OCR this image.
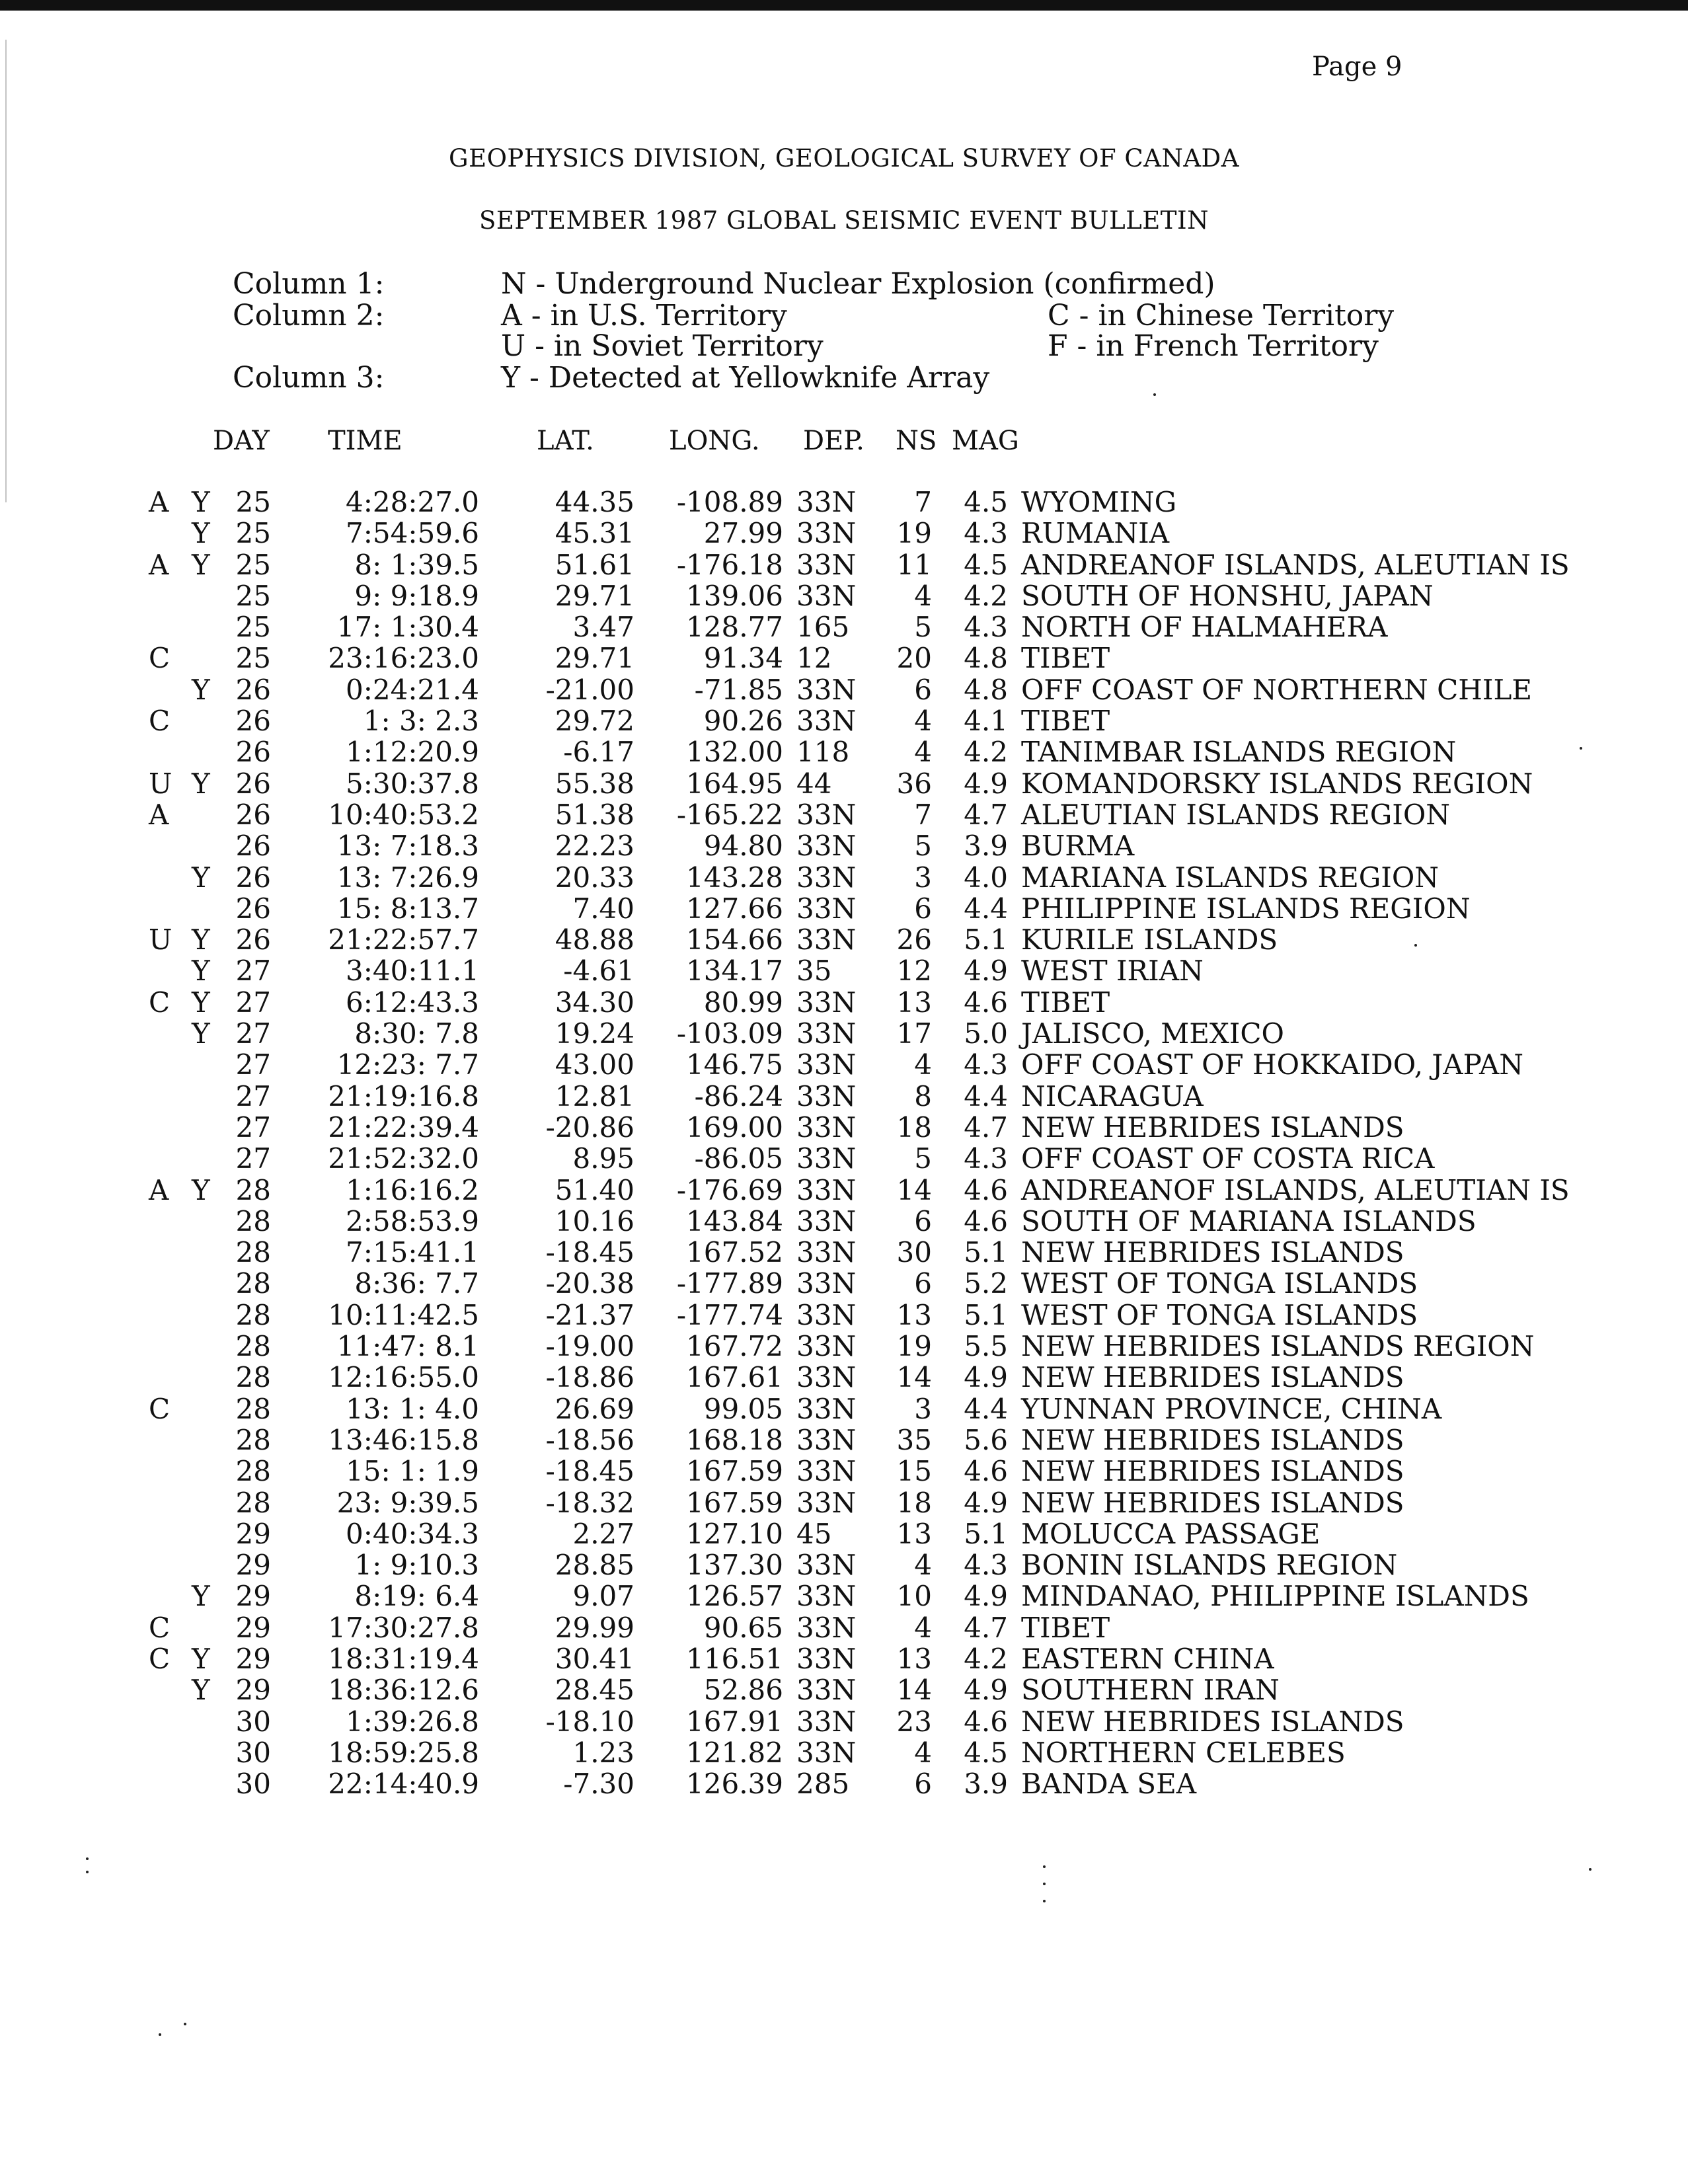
Page 9
GEOPHYSICS DIVISION, GEOLOGICAL SURVEY OF CANADA
SEPTEMBER 1987 GLOBAL SEISMIC EVENT BULLETIN
Column 1:	N - Underground Nuclear Explosion (confirmed)
Column 2:	A - in U.S. Territory	C - in Chinese Territory
U - in Soviet Territory	F - in French Territory
Column 3:	Y - Detected at Yellowknife Array
DAY TIME	LAT.	LONG. DEP. NS MAG
A Y 25	4:28:27.0	44.35	-108.89 33N	7	4.5 WYOMING
Y 25	7:54:59.6	45.31	27.99 33N	19	4.3 RUMANIA
A Y 25	8: 1:39.5	51.61	-176.18 33N	11	4.5 ANDREANOF ISLANDS, ALEUTIAN IS
25	9: 9:18.9	29.71	139.06 33N	4	4.2 SOUTH OF HONSHU, JAPAN
25	17: 1:30.4	3.47	128.77 165	5	4.3 NORTH OF HALMAHERA
C	25	23:16:23.0	29.71	91.34 12	20	4.8 TIBET
Y 26	0:24:21.4	-21.00	-71.85 33N	6	4.8 OFF COAST OF NORTHERN CHILE
C	26	1: 3: 2.3	29.72	90.26 33N	4	4.1 TIBET
26	1:12:20.9	-6.17	132.00 118	4	4.2 TANIMBAR ISLANDS REGION
U Y 26	5:30:37.8	55.38	164.95 44	36	4.9 KOMANDORSKY ISLANDS REGION
A	26	10:40:53.2	51.38	-165.22 33N	7	4.7 ALEUTIAN ISLANDS REGION
26	13: 7:18.3	22.23	94.80 33N	5	3.9 BURMA
Y 26	13: 7:26.9	20.33	143.28 33N	3	4.0 MARIANA ISLANDS REGION
26	15: 8:13.7	7.40	127.66 33N	6	4.4 PHILIPPINE ISLANDS REGION
U Y 26	21:22:57.7	48.88	154.66 33N	26	5.1 KURILE ISLANDS
Y 27	3:40:11.1	-4.61	134.17 35	12	4.9 WEST IRIAN
C Y 27	6:12:43.3	34.30	80.99 33N	13	4.6 TIBET
Y 27	8:30: 7.8	19.24	-103.09 33N	17	5.0 JALISCO, MEXICO
27	12:23: 7.7	43.00	146.75 33N	4	4.3 OFF COAST OF HOKKAIDO, JAPAN
27	21:19:16.8	12.81	-86.24 33N	8	4.4 NICARAGUA
27	21:22:39.4	-20.86	169.00 33N	18	4.7 NEW HEBRIDES ISLANDS
27	21:52:32.0	8.95	-86.05 33N	5	4.3 OFF COAST OF COSTA RICA
A Y 28	1:16:16.2	51.40	-176.69 33N	14	4.6 ANDREANOF ISLANDS, ALEUTIAN IS
28	2:58:53.9	10.16	143.84 33N	6	4.6 SOUTH OF MARIANA ISLANDS
28	7:15:41.1	-18.45	167.52 33N	30	5.1 NEW HEBRIDES ISLANDS
28	8:36: 7.7	-20.38	-177.89 33N	6	5.2 WEST OF TONGA ISLANDS
28	10:11:42.5	-21.37	-177.74 33N	13	5.1 WEST OF TONGA ISLANDS
28	11:47: 8.1	-19.00	167.72 33N	19	5.5 NEW HEBRIDES ISLANDS REGION
28	12:16:55.0	-18.86	167.61 33N	14	4.9 NEW HEBRIDES ISLANDS
C	28	13: 1: 4.0	26.69	99.05 33N	3	4.4 YUNNAN PROVINCE, CHINA
28	13:46:15.8	-18.56	168.18 33N	35	5.6 NEW HEBRIDES ISLANDS
28	15: 1: 1.9	-18.45	167.59 33N	15	4.6 NEW HEBRIDES ISLANDS
28	23: 9:39.5	-18.32	167.59 33N	18	4.9 NEW HEBRIDES ISLANDS
29	0:40:34.3	2.27	127.10 45	13	5.1 MOLUCCA PASSAGE
29	1: 9:10.3	28.85	137.30 33N	4	4.3 BONIN ISLANDS REGION
Y 29	8:19: 6.4	9.07	126.57 33N	10	4.9 MINDANAO, PHILIPPINE ISLANDS
C	29	17:30:27.8	29.99	90.65 33N	4	4.7 TIBET
C Y 29	18:31:19.4	30.41	116.51 33N	13	4.2 EASTERN CHINA
Y 29	18:36:12.6	28.45	52.86 33N	14	4.9 SOUTHERN IRAN
30	1:39:26.8	-18.10	167.91 33N	23	4.6 NEW HEBRIDES ISLANDS
30	18:59:25.8	1.23	121.82 33N	4	4.5 NORTHERN CELEBES
30	22:14:40.9	-7.30	126.39 285	6	3.9 BANDA SEA
